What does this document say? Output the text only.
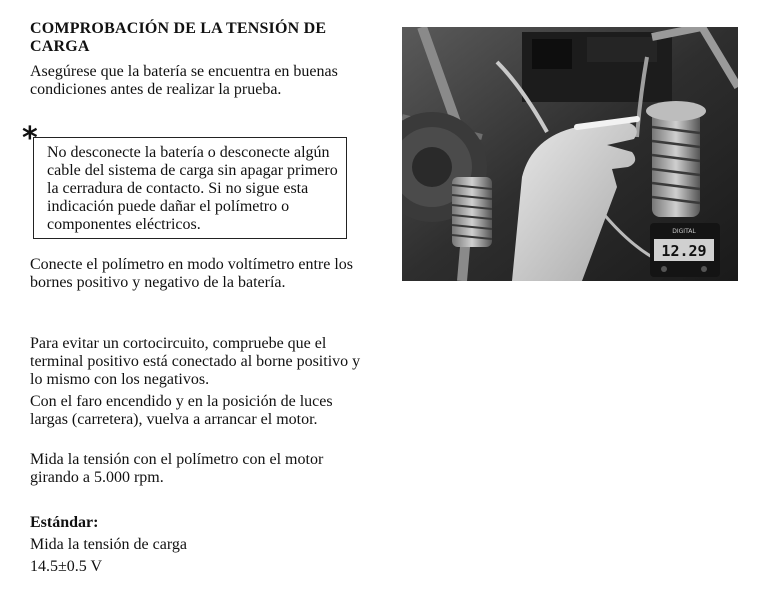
COMPROBACIÓN DE LA TENSIÓN DE CARGA

Asegúrese que la batería se encuentra en buenas condiciones antes de realizar la prueba.

* No desconecte la batería o desconecte algún cable del sistema de carga sin apagar primero la cerradura de contacto. Si no sigue esta indicación puede dañar el polímetro o componentes eléctricos.

Conecte el polímetro en modo voltímetro entre los bornes positivo y negativo de la batería.

Para evitar un cortocircuito, compruebe que el terminal positivo está conectado al borne positivo y lo mismo con los negativos.

Con el faro encendido y en la posición de luces largas (carretera), vuelva a arrancar el motor.

Mida la tensión con el polímetro con el motor girando a 5.000 rpm.

Estándar:

Mida la tensión de carga

14.5±0.5 V

DIGITAL
12.29
